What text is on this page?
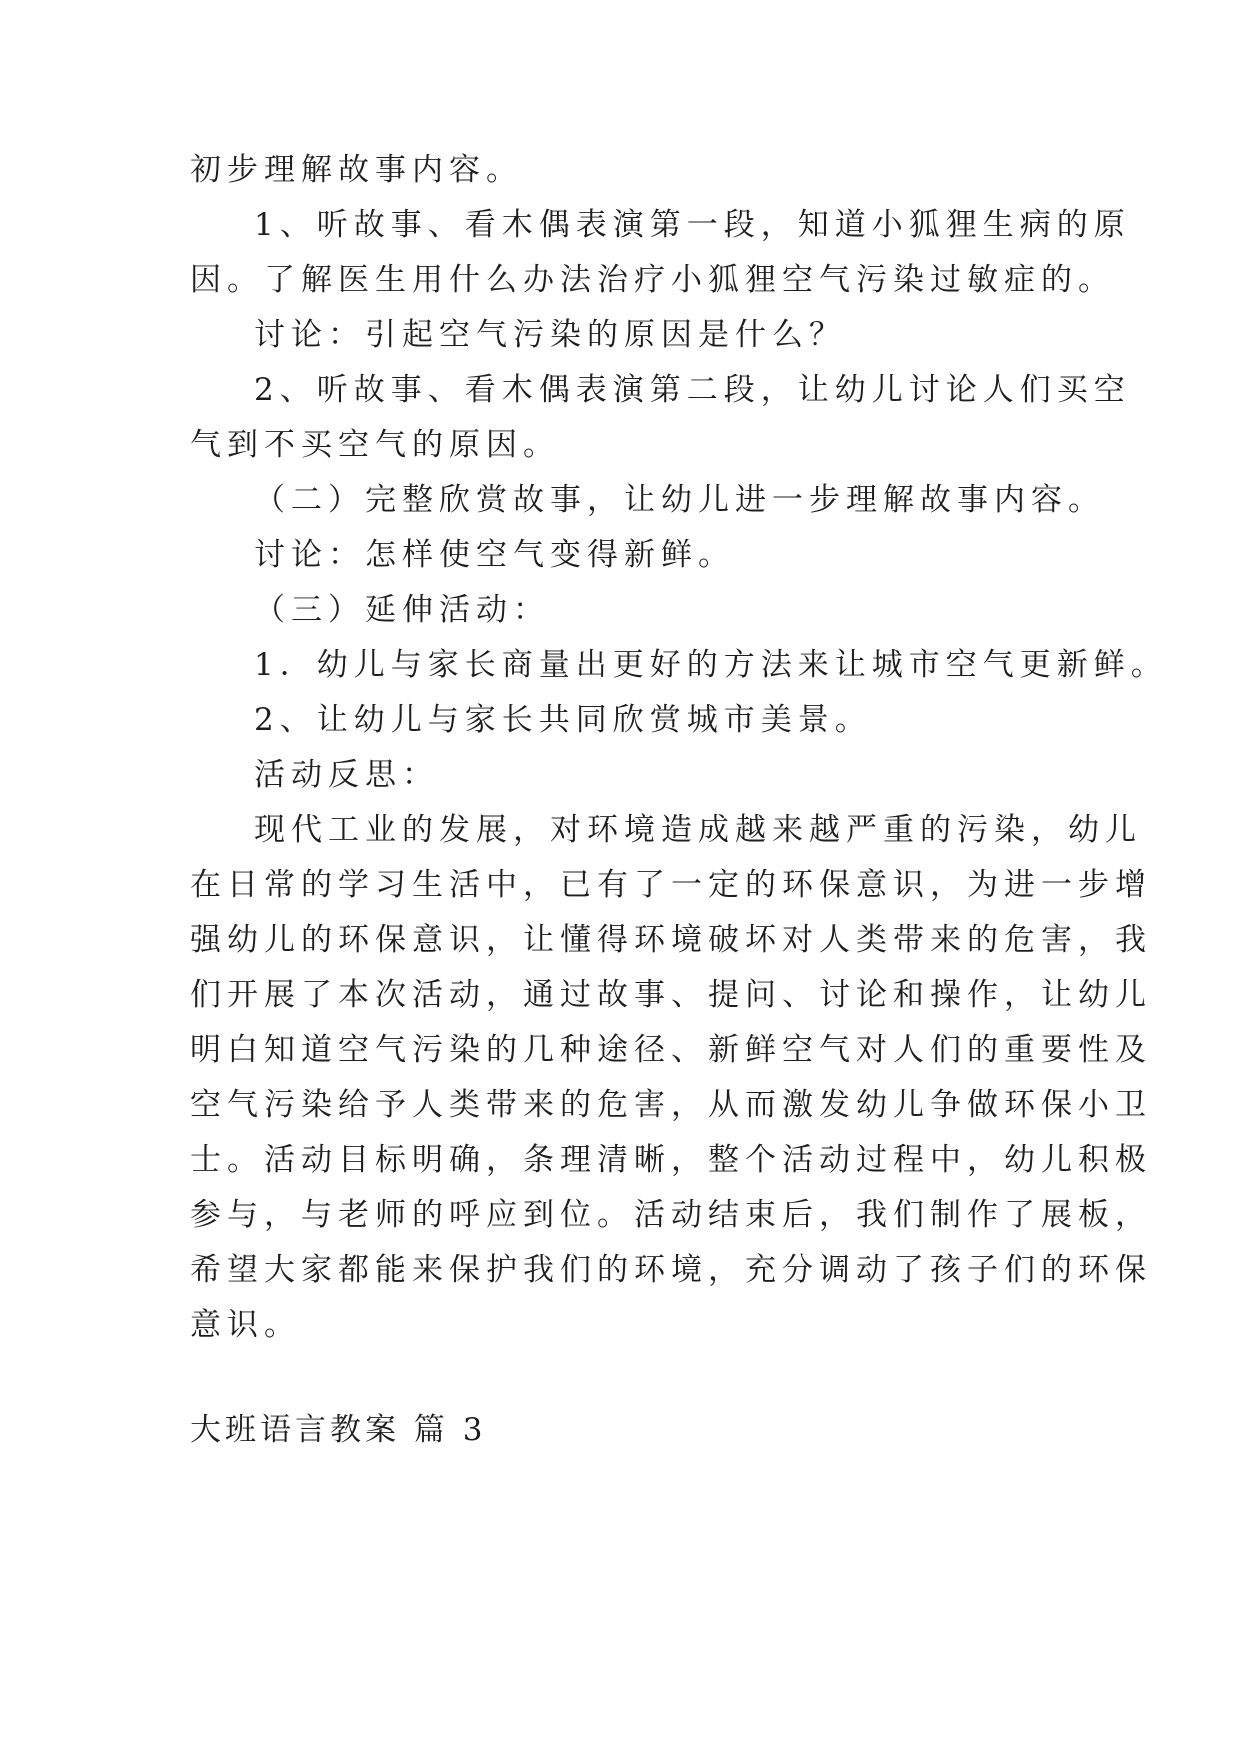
初步理解故事内容。
1、听故事、看木偶表演第一段，知道小狐狸生病的原
因。了解医生用什么办法治疗小狐狸空气污染过敏症的。
讨论：引起空气污染的原因是什么？
2、听故事、看木偶表演第二段，让幼儿讨论人们买空
气到不买空气的原因。
（二）完整欣赏故事，让幼儿进一步理解故事内容。
讨论：怎样使空气变得新鲜。
（三）延伸活动：
1．幼儿与家长商量出更好的方法来让城市空气更新鲜。
2、让幼儿与家长共同欣赏城市美景。
活动反思：
现代工业的发展，对环境造成越来越严重的污染，幼儿
在日常的学习生活中，已有了一定的环保意识，为进一步增
强幼儿的环保意识，让懂得环境破坏对人类带来的危害，我
们开展了本次活动，通过故事、提问、讨论和操作，让幼儿
明白知道空气污染的几种途径、新鲜空气对人们的重要性及
空气污染给予人类带来的危害，从而激发幼儿争做环保小卫
士。活动目标明确，条理清晰，整个活动过程中，幼儿积极
参与，与老师的呼应到位。活动结束后，我们制作了展板，
希望大家都能来保护我们的环境，充分调动了孩子们的环保
意识。
大班语言教案 篇 3
